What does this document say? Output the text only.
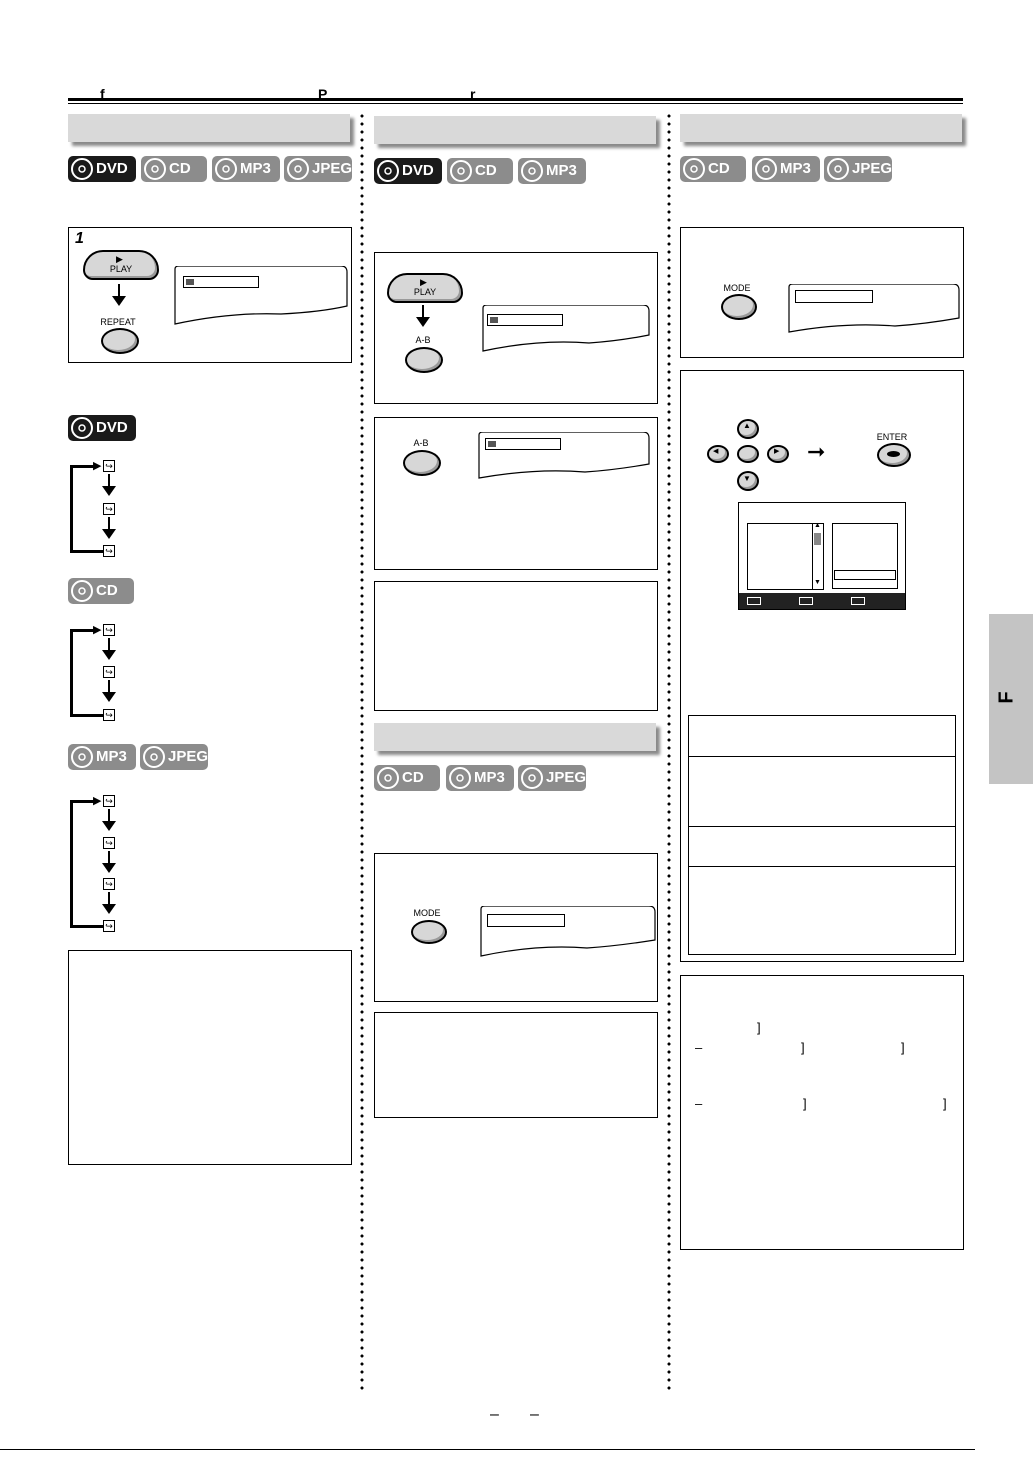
f	P	r
DVD	CD	MP3	JPEG
1
PLAY
▶
REPEAT
DVD
↪
↪
↪
▶
CD
↪
↪
↪
▶
MP3	JPEG
↪
↪
↪
↪
▶
DVD	CD	MP3
PLAY
▶
A-B
A-B
CD	MP3	JPEG
MODE
CD	MP3	JPEG
MODE
▲
◀	▶
▼
➞
ENTER
▲
▼
]
–	]	]
–	]	]
F
– –
